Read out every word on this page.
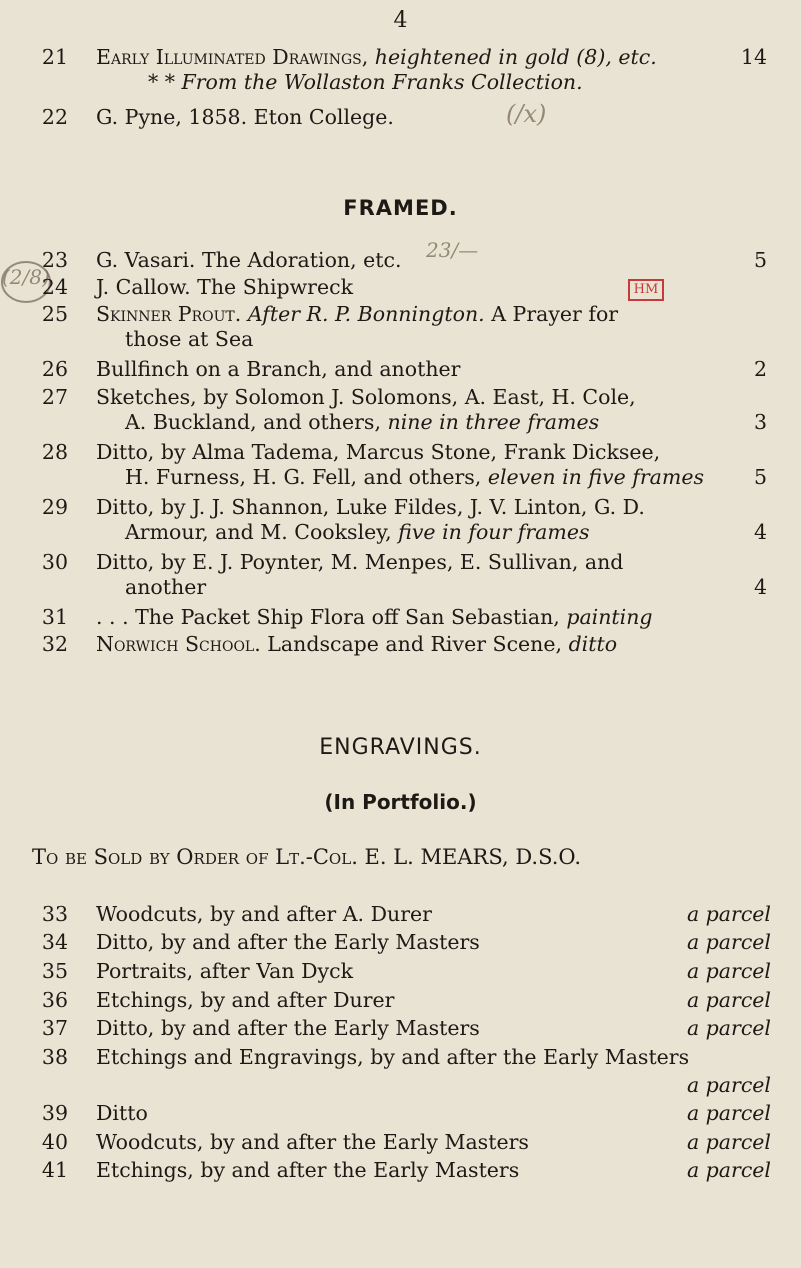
4
21 Early Illuminated Drawings, heightened in gold (8), etc.	14
* * From the Wollaston Franks Collection.
22 G. Pyne, 1858. Eton College.	(/x)
FRAMED.
23 G. Vasari. The Adoration, etc.	5
23/—
(2/8)
24 J. Callow. The Shipwreck	HM
25 Skinner Prout. After R. P. Bonnington. A Prayer for
those at Sea
26 Bullfinch on a Branch, and another	2
27 Sketches, by Solomon J. Solomons, A. East, H. Cole,
A. Buckland, and others, nine in three frames	3
28 Ditto, by Alma Tadema, Marcus Stone, Frank Dicksee,
H. Furness, H. G. Fell, and others, eleven in five frames 5
29 Ditto, by J. J. Shannon, Luke Fildes, J. V. Linton, G. D.
Armour, and M. Cooksley, five in four frames	4
30 Ditto, by E. J. Poynter, M. Menpes, E. Sullivan, and
another	4
31 . . . The Packet Ship Flora off San Sebastian, painting
32 Norwich School. Landscape and River Scene, ditto
ENGRAVINGS.
(In Portfolio.)
To be Sold by Order of Lt.-Col. E. L. MEARS, D.S.O.
33 Woodcuts, by and after A. Durer	a parcel
34 Ditto, by and after the Early Masters	a parcel
35 Portraits, after Van Dyck	a parcel
36 Etchings, by and after Durer	a parcel
37 Ditto, by and after the Early Masters	a parcel
38 Etchings and Engravings, by and after the Early Masters
a parcel
39 Ditto	a parcel
40 Woodcuts, by and after the Early Masters	a parcel
41 Etchings, by and after the Early Masters	a parcel
